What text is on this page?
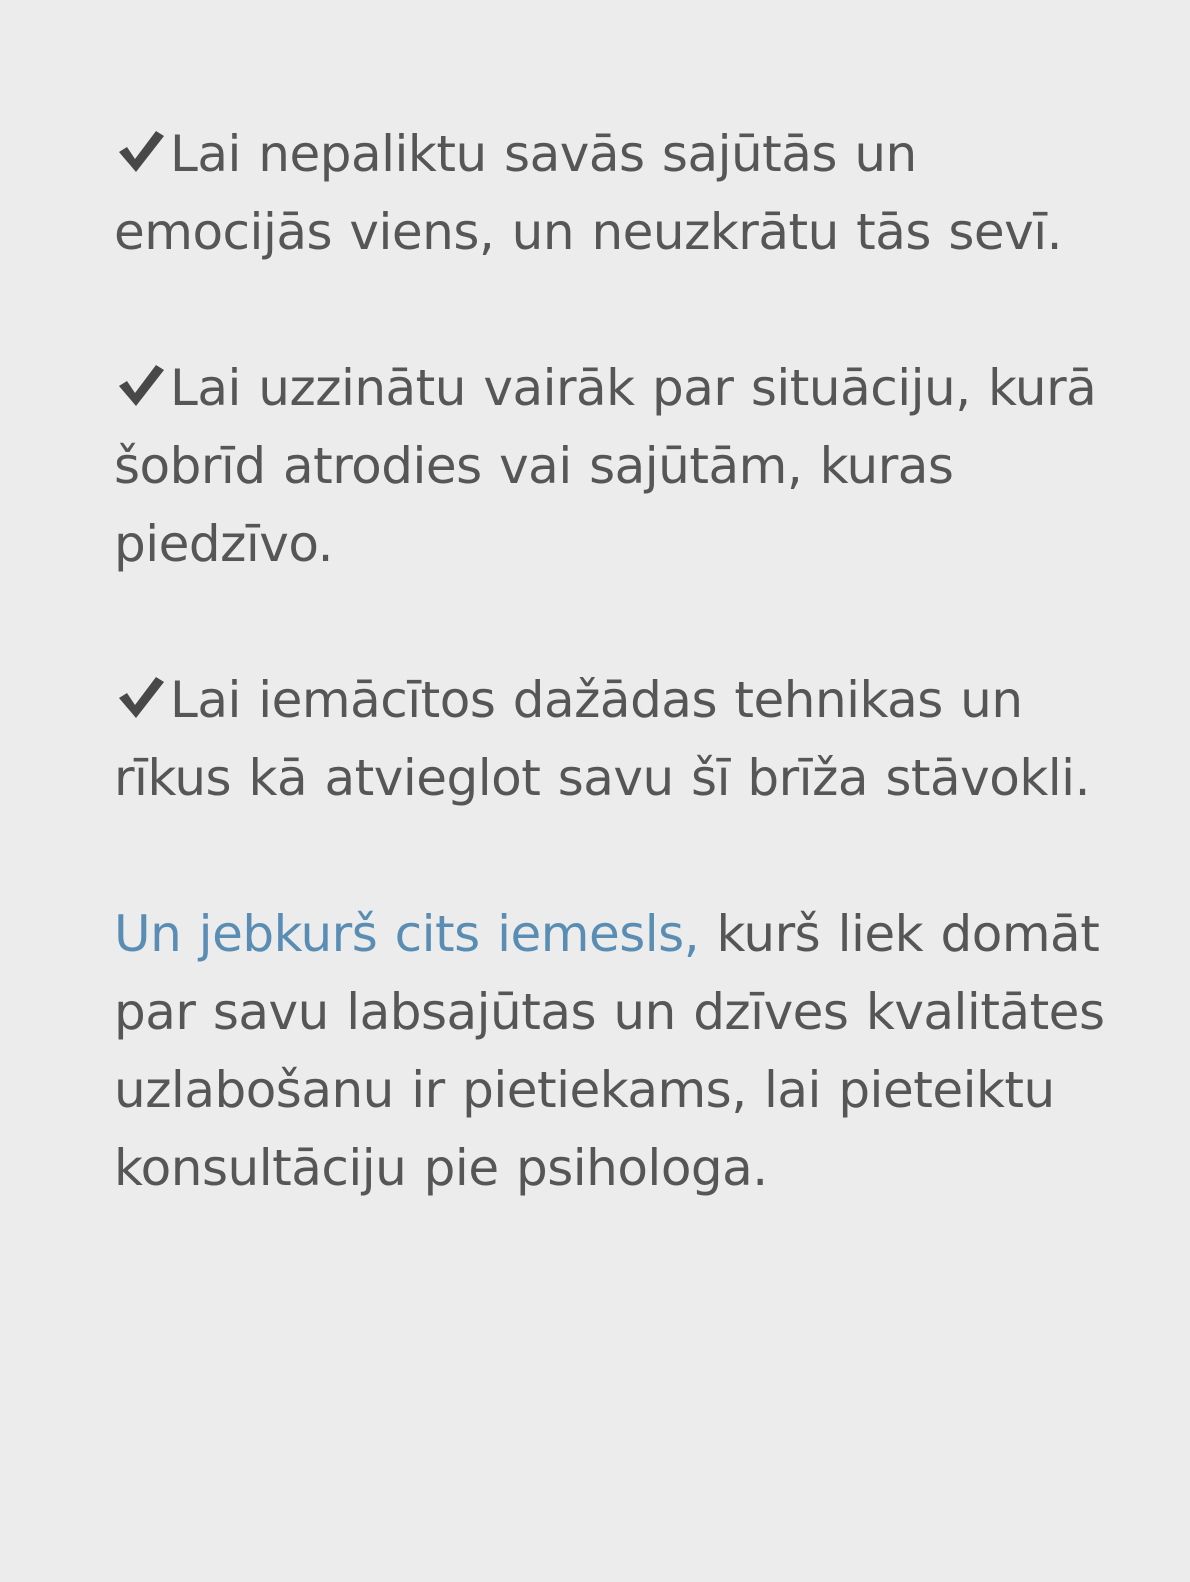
Lai nepaliktu savās sajūtās un emocijās viens, un neuzkrātu tās sevī.

Lai uzzinātu vairāk par situāciju, kurā šobrīd atrodies vai sajūtām, kuras piedzīvo.

Lai iemācītos dažādas tehnikas un rīkus kā atvieglot savu šī brīža stāvokli.

Un jebkurš cits iemesls, kurš liek domāt par savu labsajūtas un dzīves kvalitātes uzlabošanu ir pietiekams, lai pieteiktu konsultāciju pie psihologa.
